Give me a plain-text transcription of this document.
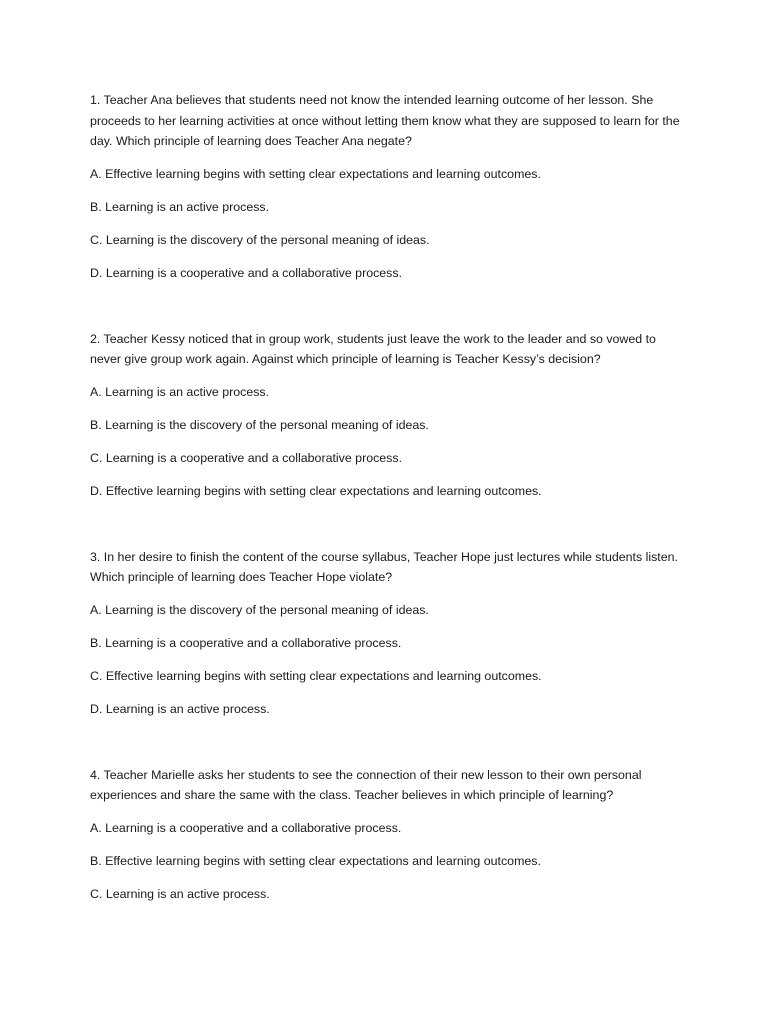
1. Teacher Ana believes that students need not know the intended learning outcome of her lesson. She proceeds to her learning activities at once without letting them know what they are supposed to learn for the day. Which principle of learning does Teacher Ana negate?

A. Effective learning begins with setting clear expectations and learning outcomes.
B. Learning is an active process.
C. Learning is the discovery of the personal meaning of ideas.
D. Learning is a cooperative and a collaborative process.

2. Teacher Kessy noticed that in group work, students just leave the work to the leader and so vowed to never give group work again. Against which principle of learning is Teacher Kessy’s decision?

A. Learning is an active process.
B. Learning is the discovery of the personal meaning of ideas.
C. Learning is a cooperative and a collaborative process.
D. Effective learning begins with setting clear expectations and learning outcomes.

3. In her desire to finish the content of the course syllabus, Teacher Hope just lectures while students listen. Which principle of learning does Teacher Hope violate?

A. Learning is the discovery of the personal meaning of ideas.
B. Learning is a cooperative and a collaborative process.
C. Effective learning begins with setting clear expectations and learning outcomes.
D. Learning is an active process.

4. Teacher Marielle asks her students to see the connection of their new lesson to their own personal experiences and share the same with the class. Teacher believes in which principle of learning?

A. Learning is a cooperative and a collaborative process.
B. Effective learning begins with setting clear expectations and learning outcomes.
C. Learning is an active process.
